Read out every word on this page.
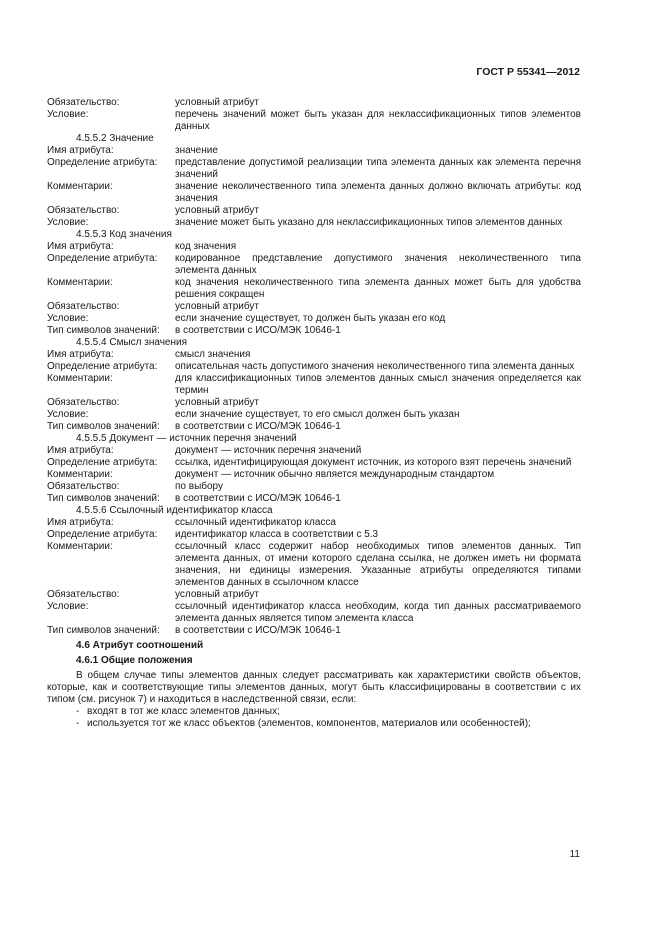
ГОСТ Р 55341—2012
Обязательство:	условный атрибут
Условие:	перечень значений может быть указан для неклассификационных типов элементов данных
4.5.5.2 Значение
Имя атрибута:	значение
Определение атрибута:	представление допустимой реализации типа элемента данных как элемента перечня значений
Комментарии:	значение неколичественного типа элемента данных должно включать атрибуты: код значения
Обязательство:	условный атрибут
Условие:	значение может быть указано для неклассификационных типов элементов данных
4.5.5.3 Код значения
Имя атрибута:	код значения
Определение атрибута:	кодированное представление допустимого значения неколичественного типа элемента данных
Комментарии:	код значения неколичественного типа элемента данных может быть для удобства решения сокращен
Обязательство:	условный атрибут
Условие:	если значение существует, то должен быть указан его код
Тип символов значений:	в соответствии с ИСО/МЭК 10646-1
4.5.5.4 Смысл значения
Имя атрибута:	смысл значения
Определение атрибута:	описательная часть допустимого значения неколичественного типа элемента данных
Комментарии:	для классификационных типов элементов данных смысл значения определяется как термин
Обязательство:	условный атрибут
Условие:	если значение существует, то его смысл должен быть указан
Тип символов значений:	в соответствии с ИСО/МЭК 10646-1
4.5.5.5 Документ — источник перечня значений
Имя атрибута:	документ — источник перечня значений
Определение атрибута:	ссылка, идентифицирующая документ источник, из которого взят перечень значений
Комментарии:	документ — источник обычно является международным стандартом
Обязательство:	по выбору
Тип символов значений:	в соответствии с ИСО/МЭК 10646-1
4.5.5.6 Ссылочный идентификатор класса
Имя атрибута:	ссылочный идентификатор класса
Определение атрибута:	идентификатор класса в соответствии с 5.3
Комментарии:	ссылочный класс содержит набор необходимых типов элементов данных. Тип элемента данных, от имени которого сделана ссылка, не должен иметь ни формата значения, ни единицы измерения. Указанные атрибуты определяются типами элементов данных в ссылочном классе
Обязательство:	условный атрибут
Условие:	ссылочный идентификатор класса необходим, когда тип данных рассматриваемого элемента данных является типом элемента класса
Тип символов значений:	в соответствии с ИСО/МЭК 10646-1
4.6 Атрибут соотношений
4.6.1 Общие положения
В общем случае типы элементов данных следует рассматривать как характеристики свойств объектов, которые, как и соответствующие типы элементов данных, могут быть классифицированы в соответствии с их типом (см. рисунок 7) и находиться в наследственной связи, если:
- входят в тот же класс элементов данных;
- используется тот же класс объектов (элементов, компонентов, материалов или особенностей);
11
